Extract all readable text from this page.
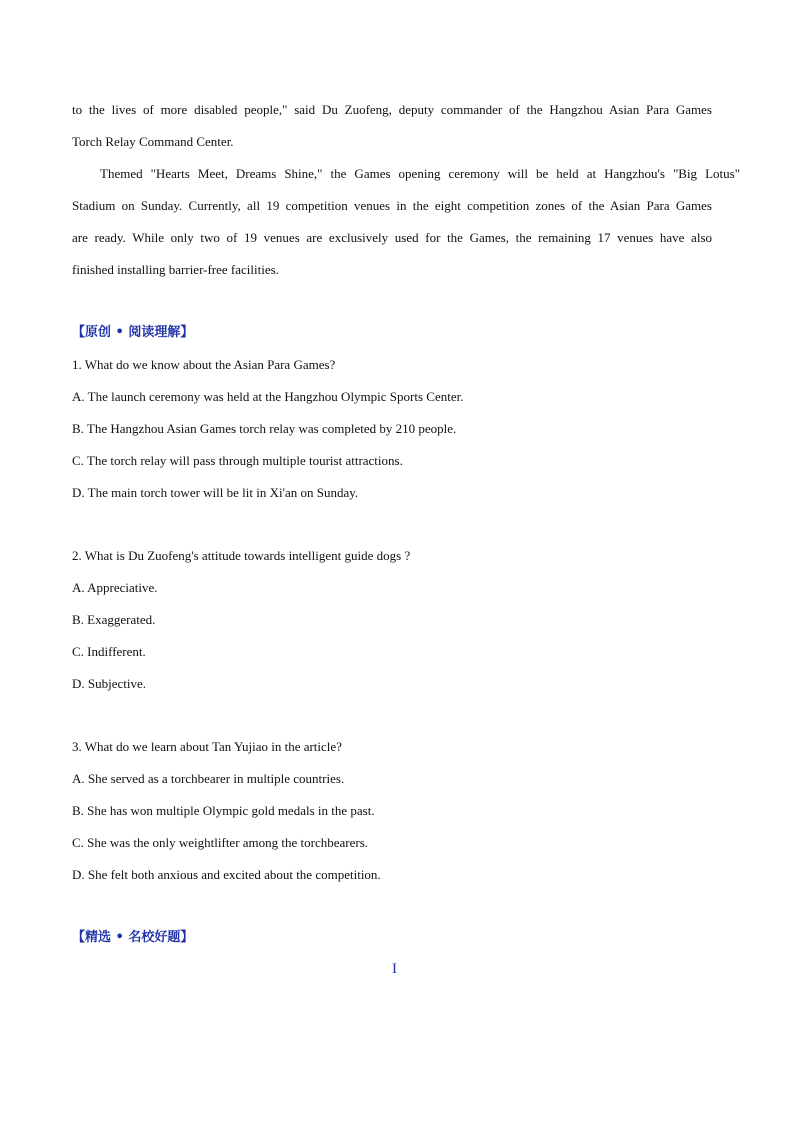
to the lives of more disabled people," said Du Zuofeng, deputy commander of the Hangzhou Asian Para Games
Torch Relay Command Center.
Themed "Hearts Meet, Dreams Shine," the Games opening ceremony will be held at Hangzhou's "Big Lotus"
Stadium on Sunday. Currently, all 19 competition venues in the eight competition zones of the Asian Para Games
are ready. While only two of 19 venues are exclusively used for the Games, the remaining 17 venues have also
finished installing barrier-free facilities.
【原创 • 阅读理解】
1. What do we know about the Asian Para Games?
A. The launch ceremony was held at the Hangzhou Olympic Sports Center.
B. The Hangzhou Asian Games torch relay was completed by 210 people.
C. The torch relay will pass through multiple tourist attractions.
D. The main torch tower will be lit in Xi'an on Sunday.
2. What is Du Zuofeng's attitude towards intelligent guide dogs ?
A. Appreciative.
B. Exaggerated.
C. Indifferent.
D. Subjective.
3. What do we learn about Tan Yujiao in the article?
A. She served as a torchbearer in multiple countries.
B. She has won multiple Olympic gold medals in the past.
C. She was the only weightlifter among the torchbearers.
D. She felt both anxious and excited about the competition.
【精选 • 名校好题】
I
